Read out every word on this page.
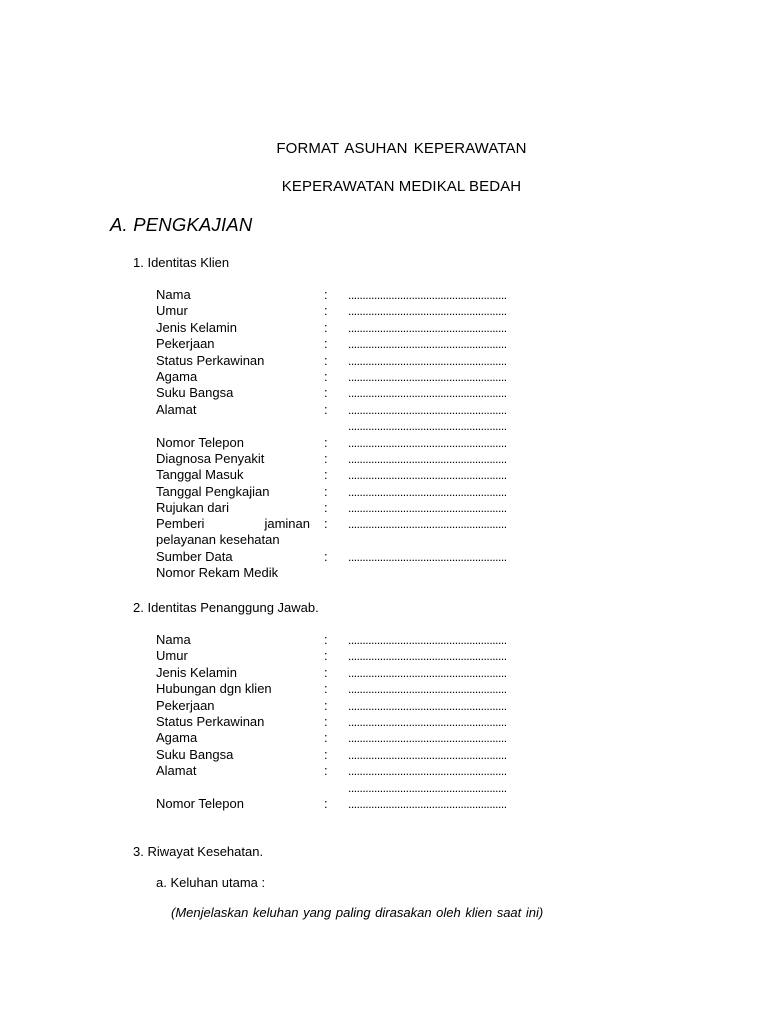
FORMAT ASUHAN KEPERAWATAN
KEPERAWATAN MEDIKAL BEDAH
A. PENGKAJIAN
1. Identitas Klien
Nama	: .......................................................
Umur	: .......................................................
Jenis Kelamin	: .......................................................
Pekerjaan	: .......................................................
Status Perkawinan	: .......................................................
Agama	: .......................................................
Suku Bangsa	: .......................................................
Alamat	: .......................................................
.......................................................
Nomor Telepon	: .......................................................
Diagnosa Penyakit	: .......................................................
Tanggal Masuk	: .......................................................
Tanggal Pengkajian	: .......................................................
Rujukan dari	: .......................................................
Pemberi	jaminan : .......................................................
pelayanan kesehatan
Sumber Data	: .......................................................
Nomor Rekam Medik
2. Identitas Penanggung Jawab.
Nama	: .......................................................
Umur	: .......................................................
Jenis Kelamin	: .......................................................
Hubungan dgn klien	: .......................................................
Pekerjaan	: .......................................................
Status Perkawinan	: .......................................................
Agama	: .......................................................
Suku Bangsa	: .......................................................
Alamat	: .......................................................
.......................................................
Nomor Telepon	: .......................................................
3. Riwayat Kesehatan.
a. Keluhan utama :
(Menjelaskan keluhan yang paling dirasakan oleh klien saat ini)
